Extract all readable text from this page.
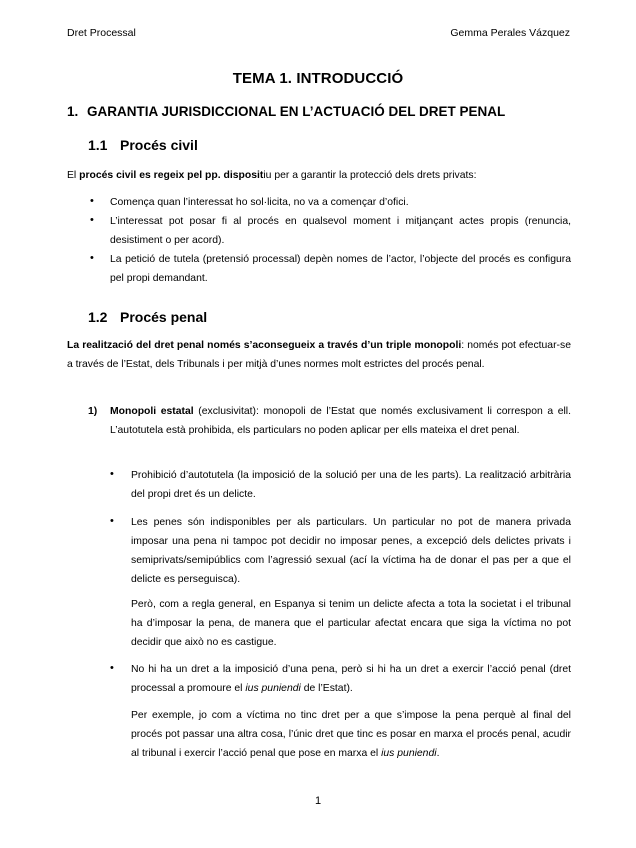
Dret Processal	Gemma Perales Vázquez
TEMA 1. INTRODUCCIÓ
1. GARANTIA JURISDICCIONAL EN L’ACTUACIÓ DEL DRET PENAL
1.1 Procés civil
El procés civil es regeix pel pp. dispositiu per a garantir la protecció dels drets privats:
• Comença quan l’interessat ho sol·licita, no va a començar d’ofici.
• L’interessat pot posar fi al procés en qualsevol moment i mitjançant actes propis (renuncia, desistiment o per acord).
• La petició de tutela (pretensió processal) depèn nomes de l’actor, l’objecte del procés es configura pel propi demandant.
1.2 Procés penal
La realització del dret penal només s’aconsegueix a través d’un triple monopoli: només pot efectuar-se a través de l’Estat, dels Tribunals i per mitjà d’unes normes molt estrictes del procés penal.
1) Monopoli estatal (exclusivitat): monopoli de l’Estat que només exclusivament li correspon a ell. L’autotutela està prohibida, els particulars no poden aplicar per ells mateixa el dret penal.
• Prohibició d’autotutela (la imposició de la solució per una de les parts). La realització arbitrària del propi dret és un delicte.
• Les penes són indisponibles per als particulars. Un particular no pot de manera privada imposar una pena ni tampoc pot decidir no imposar penes, a excepció dels delictes privats i semiprivats/semipúblics com l’agressió sexual (ací la víctima ha de donar el pas per a que el delicte es perseguisca).
Però, com a regla general, en Espanya si tenim un delicte afecta a tota la societat i el tribunal ha d’imposar la pena, de manera que el particular afectat encara que siga la víctima no pot decidir que això no es castigue.
• No hi ha un dret a la imposició d’una pena, però si hi ha un dret a exercir l’acció penal (dret processal a promoure el ius puniendi de l’Estat).
Per exemple, jo com a víctima no tinc dret per a que s’impose la pena perquè al final del procés pot passar una altra cosa, l’únic dret que tinc es posar en marxa el procés penal, acudir al tribunal i exercir l’acció penal que pose en marxa el ius puniendi.
1
